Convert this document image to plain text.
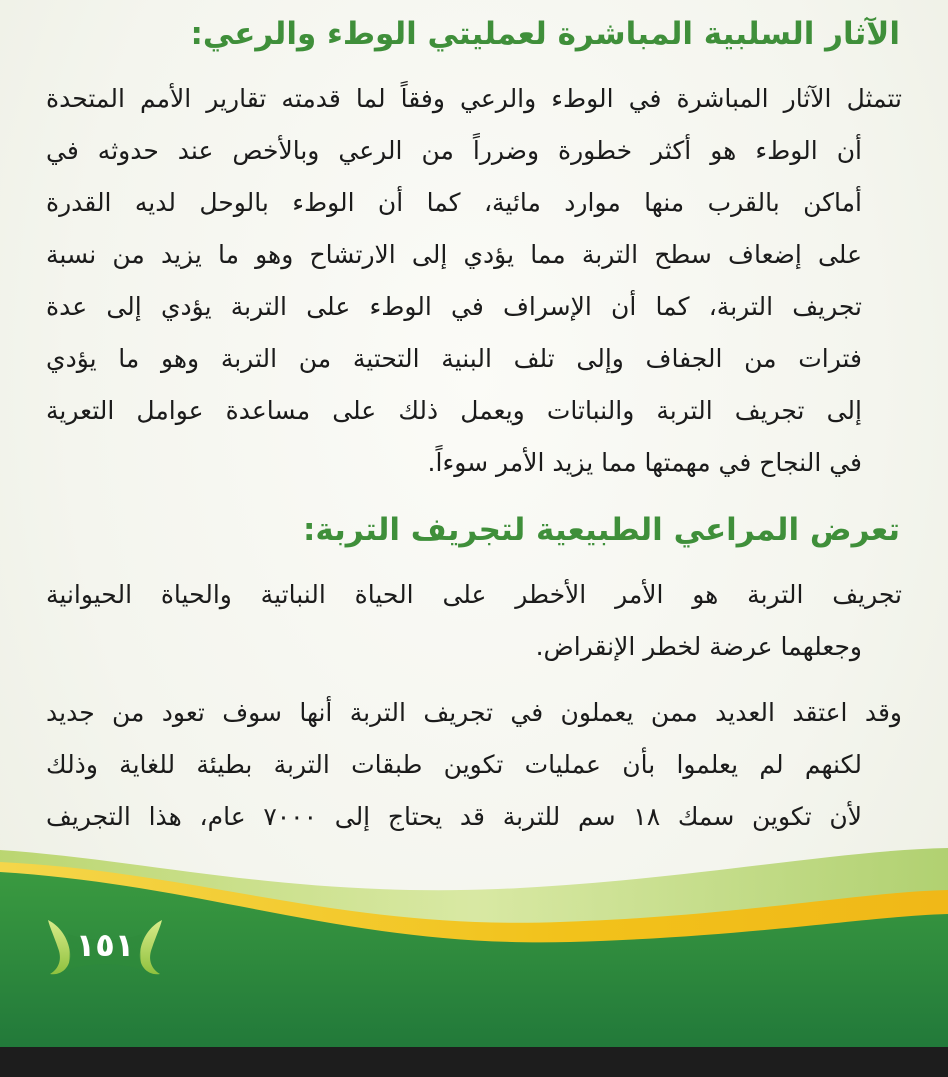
الآثار السلبية المباشرة لعمليتي الوطء والرعي:
تتمثل الآثار المباشرة في الوطء والرعي وفقاً لما قدمته تقارير الأمم المتحدة
أن الوطء هو أكثر خطورة وضرراً من الرعي وبالأخص عند حدوثه في
أماكن بالقرب منها موارد مائية، كما أن الوطء بالوحل لديه القدرة
على إضعاف سطح التربة مما يؤدي إلى الارتشاح وهو ما يزيد من نسبة
تجريف التربة، كما أن الإسراف في الوطء على التربة يؤدي إلى عدة
فترات من الجفاف وإلى تلف البنية التحتية من التربة وهو ما يؤدي
إلى تجريف التربة والنباتات ويعمل ذلك على مساعدة عوامل التعرية
في النجاح في مهمتها مما يزيد الأمر سوءاً.
تعرض المراعي الطبيعية لتجريف التربة:
تجريف التربة هو الأمر الأخطر على الحياة النباتية والحياة الحيوانية
وجعلهما عرضة لخطر الإنقراض.
وقد اعتقد العديد ممن يعملون في تجريف التربة أنها سوف تعود من جديد
لكنهم لم يعلموا بأن عمليات تكوين طبقات التربة بطيئة للغاية وذلك
لأن تكوين سمك ١٨ سم للتربة قد يحتاج إلى ٧٠٠٠ عام، هذا التجريف
١٥١
